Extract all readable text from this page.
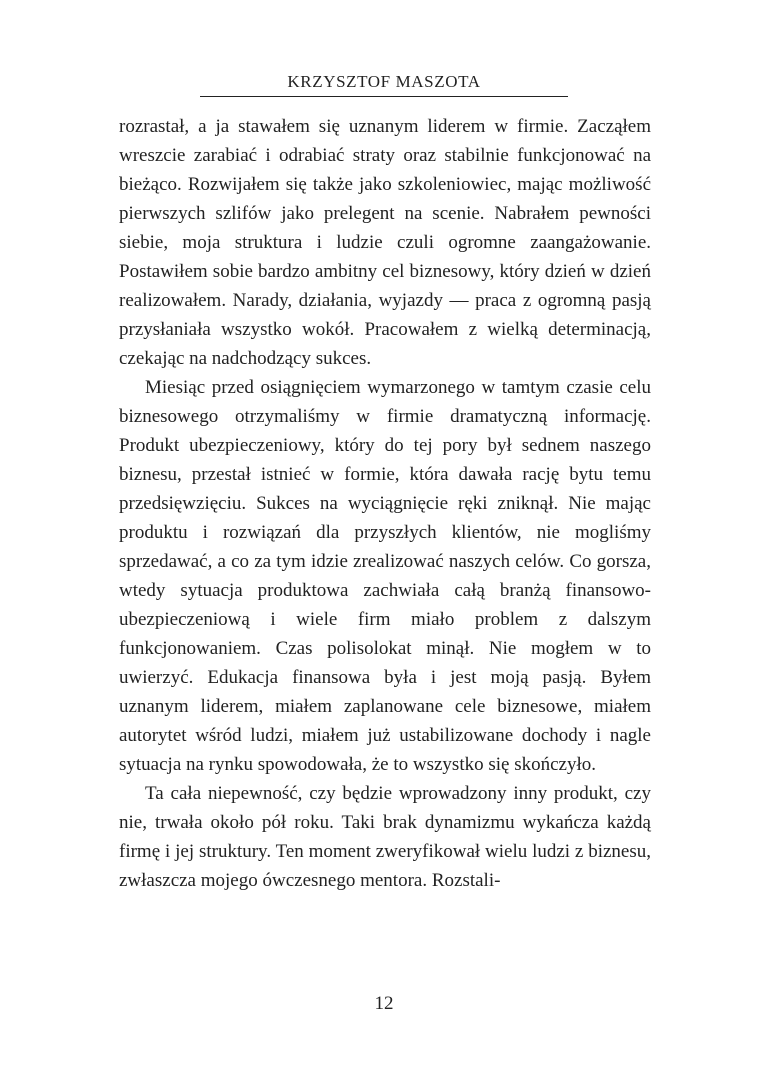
KRZYSZTOF MASZOTA

rozrastał, a ja stawałem się uznanym liderem w firmie. Zacząłem wreszcie zarabiać i odrabiać straty oraz stabilnie funkcjonować na bieżąco. Rozwijałem się także jako szkoleniowiec, mając możliwość pierwszych szlifów jako prelegent na scenie. Nabrałem pewności siebie, moja struktura i ludzie czuli ogromne zaangażowanie. Postawiłem sobie bardzo ambitny cel biznesowy, który dzień w dzień realizowałem. Narady, działania, wyjazdy — praca z ogromną pasją przysłaniała wszystko wokół. Pracowałem z wielką determinacją, czekając na nadchodzący sukces.

Miesiąc przed osiągnięciem wymarzonego w tamtym czasie celu biznesowego otrzymaliśmy w firmie dramatyczną informację. Produkt ubezpieczeniowy, który do tej pory był sednem naszego biznesu, przestał istnieć w formie, która dawała rację bytu temu przedsięwzięciu. Sukces na wyciągnięcie ręki zniknął. Nie mając produktu i rozwiązań dla przyszłych klientów, nie mogliśmy sprzedawać, a co za tym idzie zrealizować naszych celów. Co gorsza, wtedy sytuacja produktowa zachwiała całą branżą finansowo-ubezpieczeniową i wiele firm miało problem z dalszym funkcjonowaniem. Czas polisolokat minął. Nie mogłem w to uwierzyć. Edukacja finansowa była i jest moją pasją. Byłem uznanym liderem, miałem zaplanowane cele biznesowe, miałem autorytet wśród ludzi, miałem już ustabilizowane dochody i nagle sytuacja na rynku spowodowała, że to wszystko się skończyło.

Ta cała niepewność, czy będzie wprowadzony inny produkt, czy nie, trwała około pół roku. Taki brak dynamizmu wykańcza każdą firmę i jej struktury. Ten moment zweryfikował wielu ludzi z biznesu, zwłaszcza mojego ówczesnego mentora. Rozstali-

12
